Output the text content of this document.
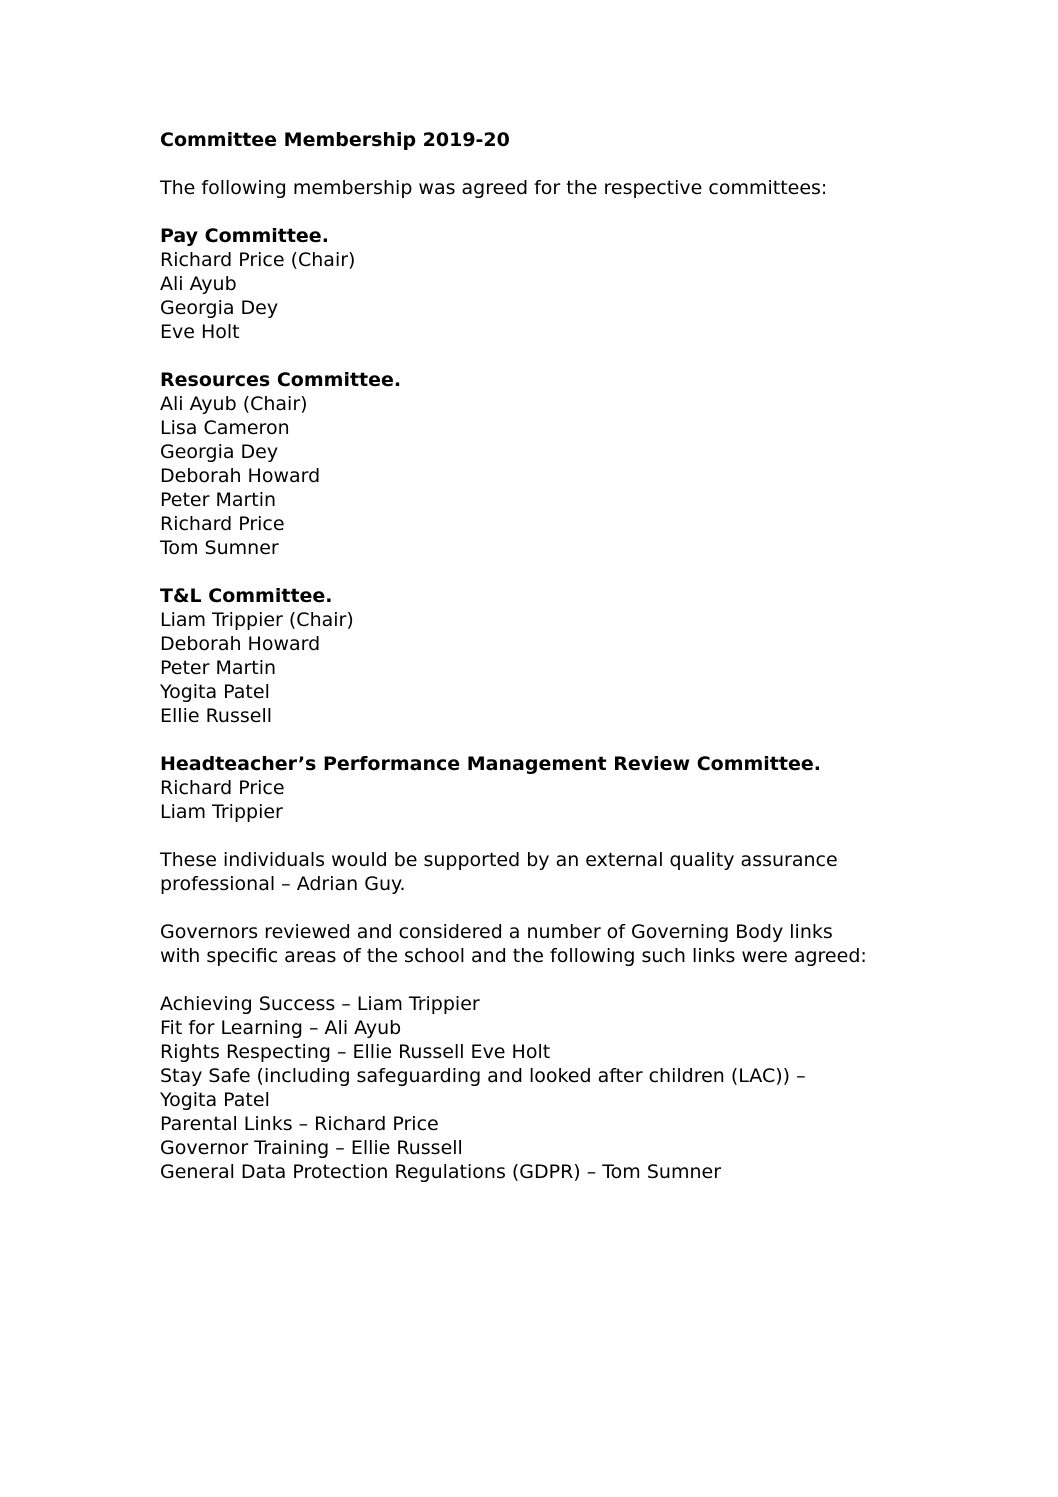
Committee Membership 2019-20
The following membership was agreed for the respective committees:
Pay Committee.
Richard Price (Chair)
Ali Ayub
Georgia Dey
Eve Holt
Resources Committee.
Ali Ayub (Chair)
Lisa Cameron
Georgia Dey
Deborah Howard
Peter Martin
Richard Price
Tom Sumner
T&L Committee.
Liam Trippier (Chair)
Deborah Howard
Peter Martin
Yogita Patel
Ellie Russell
Headteacher’s Performance Management Review Committee.
Richard Price
Liam Trippier
These individuals would be supported by an external quality assurance
professional – Adrian Guy.
Governors reviewed and considered a number of Governing Body links
with specific areas of the school and the following such links were agreed:
Achieving Success – Liam Trippier
Fit for Learning – Ali Ayub
Rights Respecting – Ellie Russell Eve Holt
Stay Safe (including safeguarding and looked after children (LAC)) –
Yogita Patel
Parental Links – Richard Price
Governor Training – Ellie Russell
General Data Protection Regulations (GDPR) – Tom Sumner
